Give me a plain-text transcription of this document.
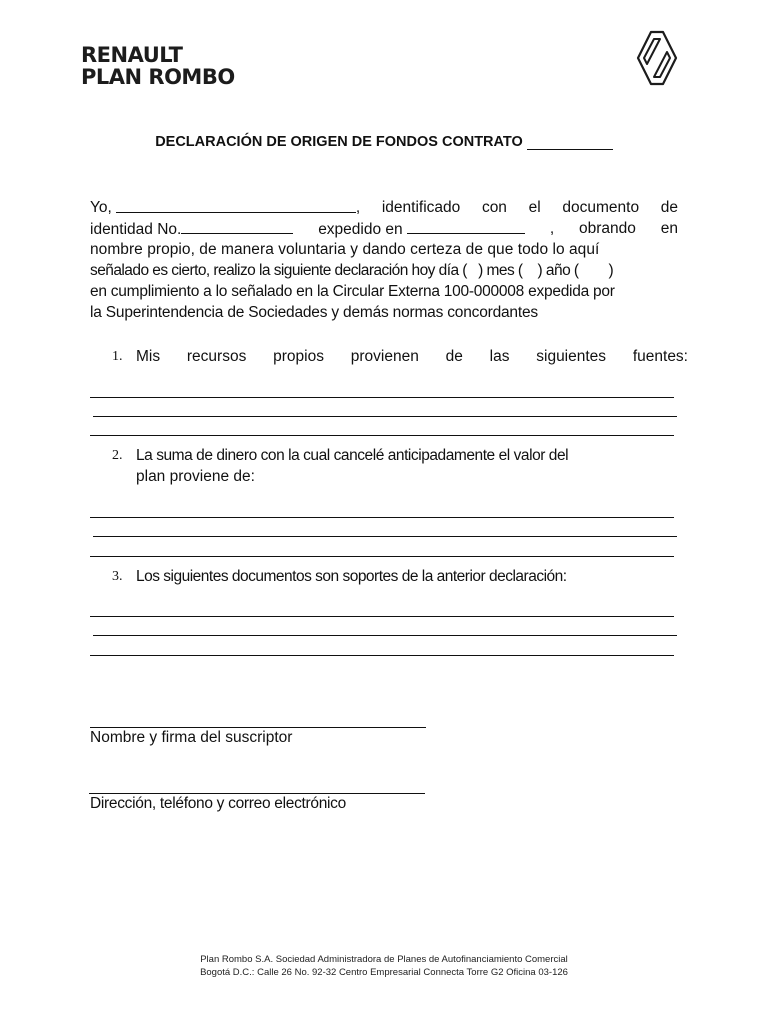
RENAULT
PLAN ROMBO
DECLARACIÓN DE ORIGEN DE FONDOS CONTRATO
Yo,	, identificado con el documento de
identidad No.	expedido en	, obrando en
nombre propio, de manera voluntaria y dando certeza de que todo lo aquí
señalado es cierto, realizo la siguiente declaración hoy día (   ) mes (    ) año (        )
en cumplimiento a lo señalado en la Circular Externa 100-000008 expedida por
la Superintendencia de Sociedades y demás normas concordantes
1. Mis recursos propios provienen de las siguientes fuentes:
2. La suma de dinero con la cual cancelé anticipadamente el valor del
plan proviene de:
3. Los siguientes documentos son soportes de la anterior declaración:
Nombre y firma del suscriptor
Dirección, teléfono y correo electrónico
Plan Rombo S.A. Sociedad Administradora de Planes de Autofinanciamiento Comercial
Bogotá D.C.: Calle 26 No. 92-32 Centro Empresarial Connecta Torre G2 Oficina 03-126
